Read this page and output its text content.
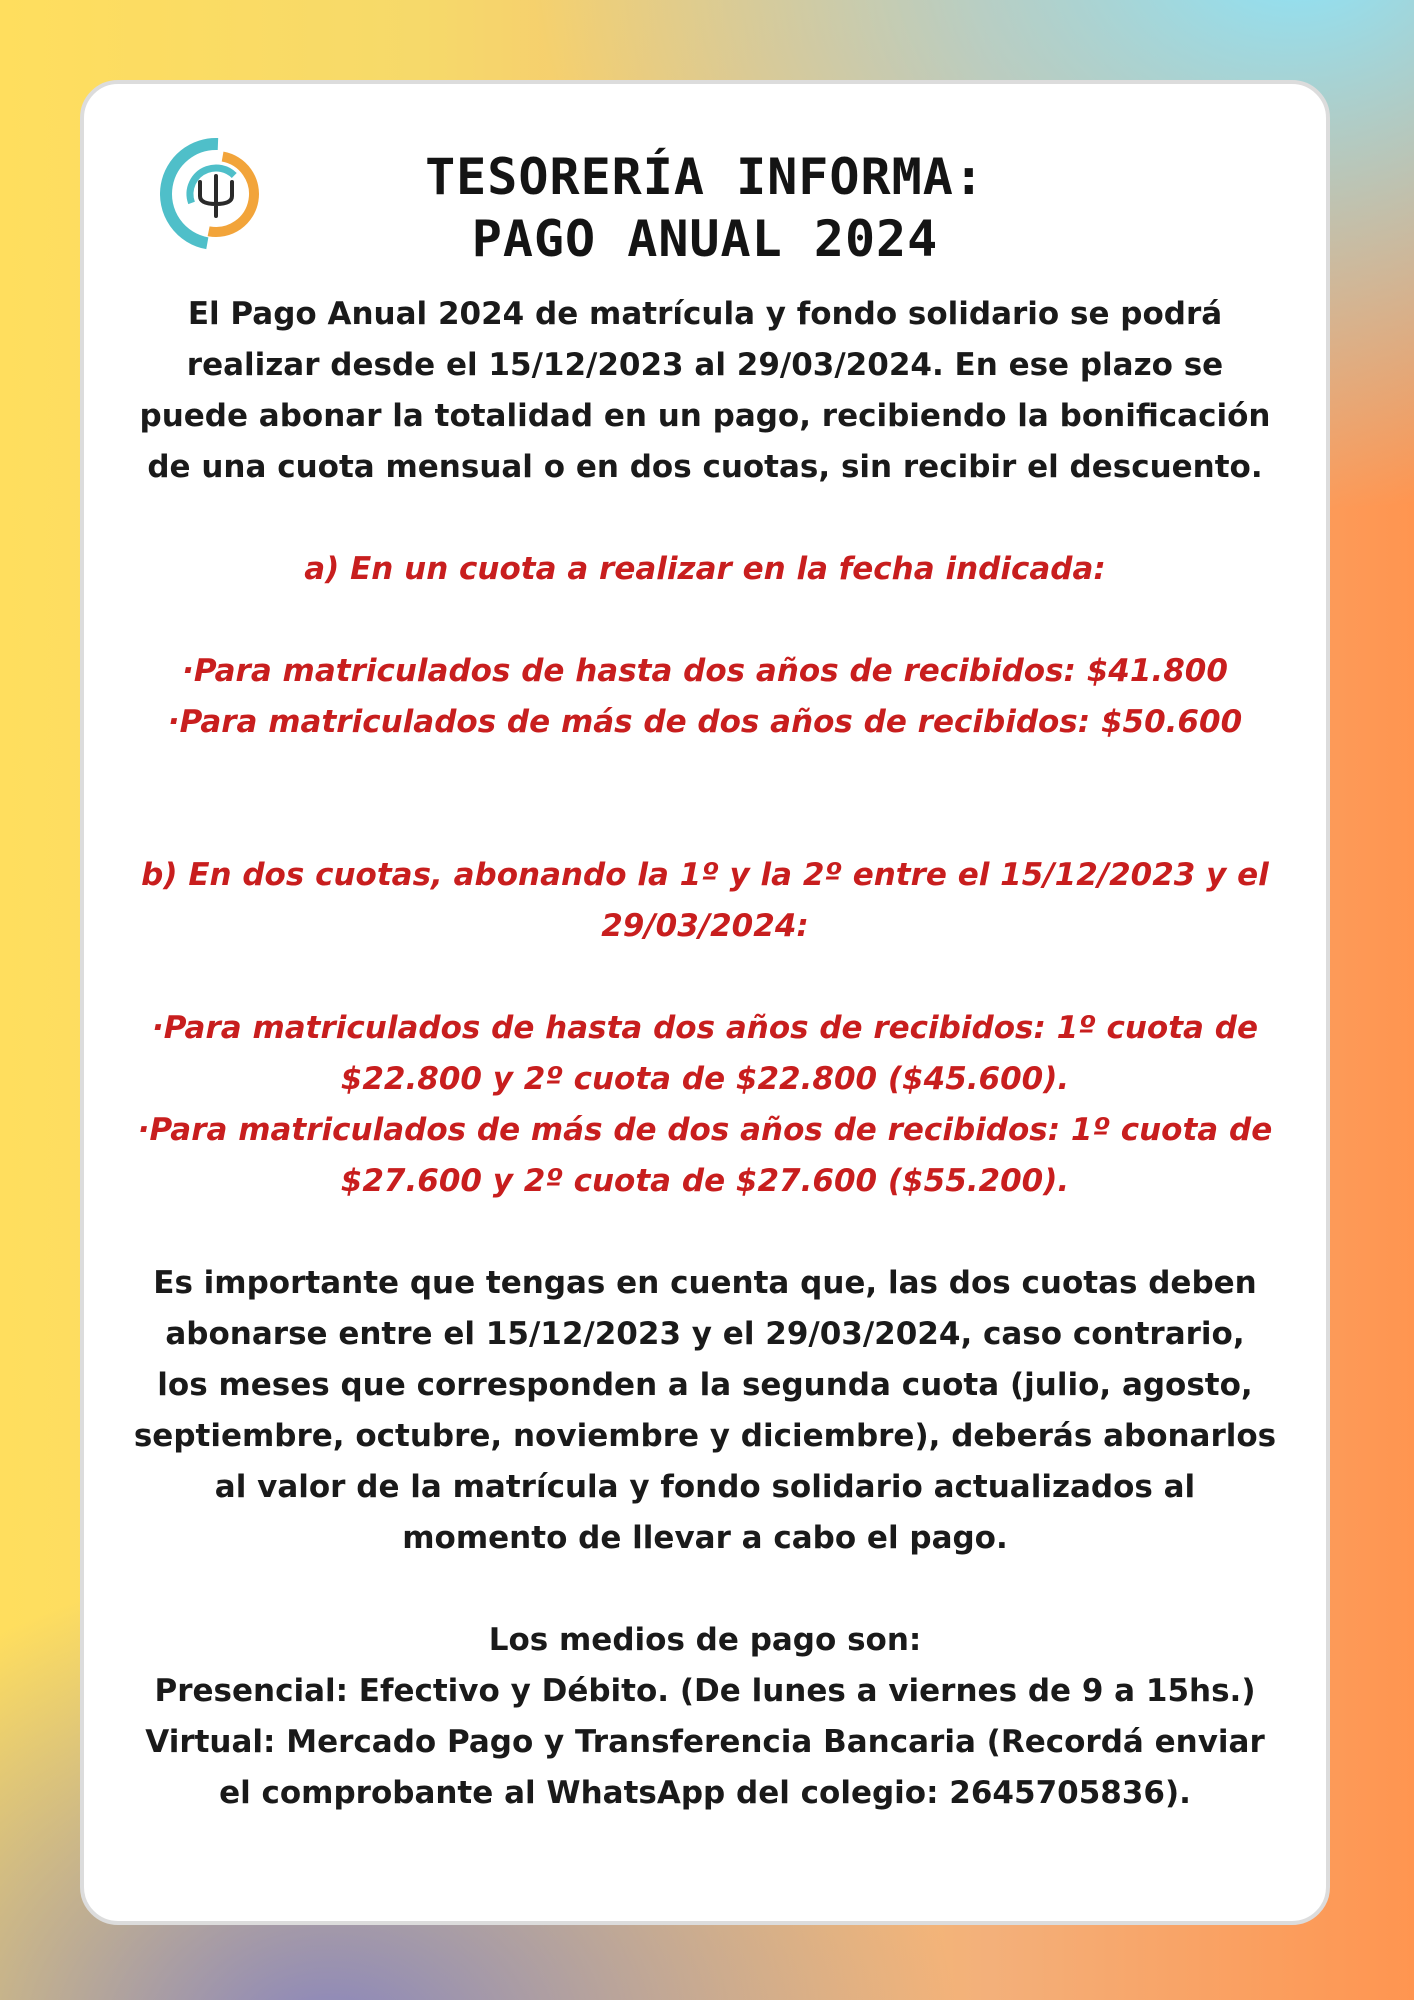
TESORERÍA INFORMA:
PAGO ANUAL 2024

El Pago Anual 2024 de matrícula y fondo solidario se podrá

realizar desde el 15/12/2023 al 29/03/2024. En ese plazo se

puede abonar la totalidad en un pago, recibiendo la bonificación

de una cuota mensual o en dos cuotas, sin recibir el descuento.

a) En un cuota a realizar en la fecha indicada:

·Para matriculados de hasta dos años de recibidos: $41.800

·Para matriculados de más de dos años de recibidos: $50.600

b) En dos cuotas, abonando la 1º y la 2º entre el 15/12/2023 y el

29/03/2024:

·Para matriculados de hasta dos años de recibidos: 1º cuota de

$22.800 y 2º cuota de $22.800 ($45.600).

·Para matriculados de más de dos años de recibidos: 1º cuota de

$27.600 y 2º cuota de $27.600 ($55.200).

Es importante que tengas en cuenta que, las dos cuotas deben

abonarse entre el 15/12/2023 y el 29/03/2024, caso contrario,

los meses que corresponden a la segunda cuota (julio, agosto,

septiembre, octubre, noviembre y diciembre), deberás abonarlos

al valor de la matrícula y fondo solidario actualizados al

momento de llevar a cabo el pago.

Los medios de pago son:

Presencial: Efectivo y Débito. (De lunes a viernes de 9 a 15hs.)

Virtual: Mercado Pago y Transferencia Bancaria (Recordá enviar

el comprobante al WhatsApp del colegio: 2645705836).
